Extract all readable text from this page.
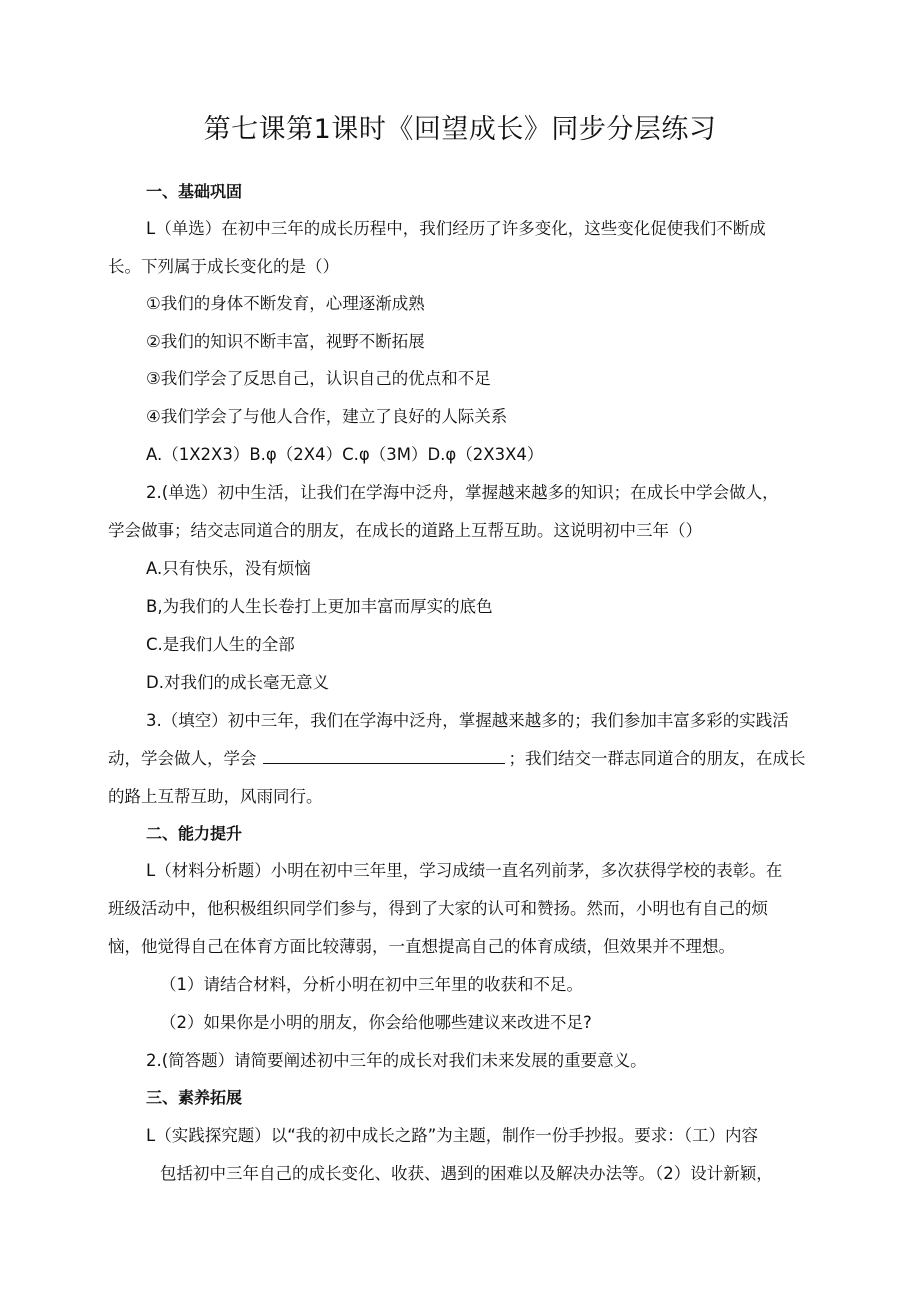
第七课第1课时《回望成长》同步分层练习
一、基础巩固
L（单选）在初中三年的成长历程中，我们经历了许多变化，这些变化促使我们不断成
长。下列属于成长变化的是（）
①我们的身体不断发育，心理逐渐成熟
②我们的知识不断丰富，视野不断拓展
③我们学会了反思自己，认识自己的优点和不足
④我们学会了与他人合作，建立了良好的人际关系
A.（1X2X3）B.φ（2X4）C.φ（3M）D.φ（2X3X4）
2.(单选）初中生活，让我们在学海中泛舟，掌握越来越多的知识；在成长中学会做人，
学会做事；结交志同道合的朋友，在成长的道路上互帮互助。这说明初中三年（）
A.只有快乐，没有烦恼
B,为我们的人生长卷打上更加丰富而厚实的底色
C.是我们人生的全部
D.对我们的成长毫无意义
3.（填空）初中三年，我们在学海中泛舟，掌握越来越多的；我们参加丰富多彩的实践活
动，学会做人，学会	；我们结交一群志同道合的朋友，在成长
的路上互帮互助，风雨同行。
二、能力提升
L（材料分析题）小明在初中三年里，学习成绩一直名列前茅，多次获得学校的表彰。在
班级活动中，他积极组织同学们参与，得到了大家的认可和赞扬。然而，小明也有自己的烦
恼，他觉得自己在体育方面比较薄弱，一直想提高自己的体育成绩，但效果并不理想。
（1）请结合材料，分析小明在初中三年里的收获和不足。
（2）如果你是小明的朋友，你会给他哪些建议来改进不足?
2.(简答题）请简要阐述初中三年的成长对我们未来发展的重要意义。
三、素养拓展
L（实践探究题）以“我的初中成长之路”为主题，制作一份手抄报。要求：（工）内容
包括初中三年自己的成长变化、收获、遇到的困难以及解决办法等。（2）设计新颖，
